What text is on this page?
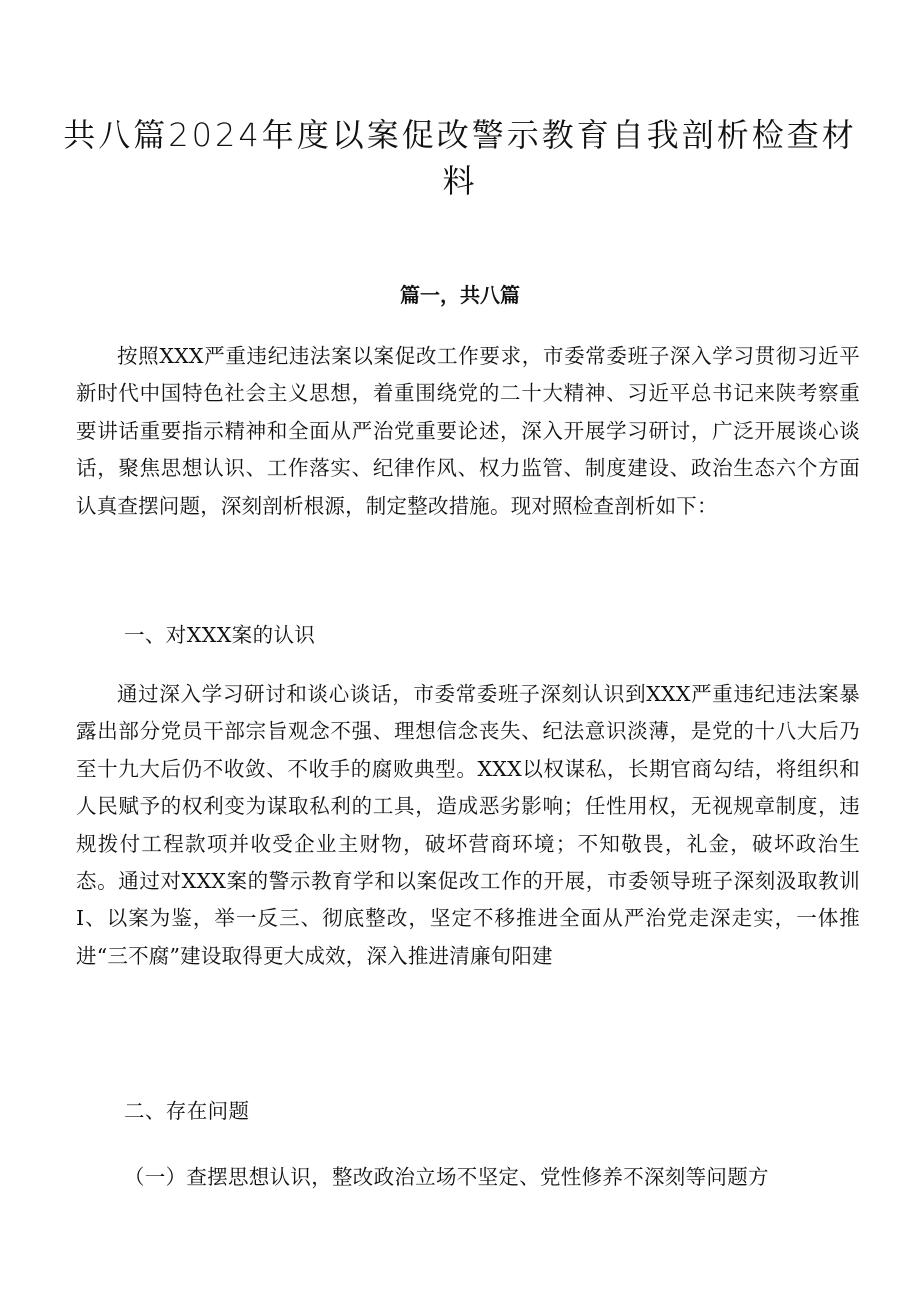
共八篇2024年度以案促改警示教育自我剖析检查材料
篇一，共八篇

按照XXX严重违纪违法案以案促改工作要求，市委常委班子深入学习贯彻习近平新时代中国特色社会主义思想，着重围绕党的二十大精神、习近平总书记来陕考察重要讲话重要指示精神和全面从严治党重要论述，深入开展学习研讨，广泛开展谈心谈话，聚焦思想认识、工作落实、纪律作风、权力监管、制度建设、政治生态六个方面认真查摆问题，深刻剖析根源，制定整改措施。现对照检查剖析如下：

一、对XXX案的认识

通过深入学习研讨和谈心谈话，市委常委班子深刻认识到XXX严重违纪违法案暴露出部分党员干部宗旨观念不强、理想信念丧失、纪法意识淡薄，是党的十八大后乃至十九大后仍不收敛、不收手的腐败典型。XXX以权谋私，长期官商勾结，将组织和人民赋予的权利变为谋取私利的工具，造成恶劣影响；任性用权，无视规章制度，违规拨付工程款项并收受企业主财物，破坏营商环境；不知敬畏，礼金，破坏政治生态。通过对XXX案的警示教育学和以案促改工作的开展，市委领导班子深刻汲取教训I、以案为鉴，举一反三、彻底整改，坚定不移推进全面从严治党走深走实，一体推进“三不腐”建设取得更大成效，深入推进清廉旬阳建

二、存在问题

（一）查摆思想认识，整改政治立场不坚定、党性修养不深刻等问题方
